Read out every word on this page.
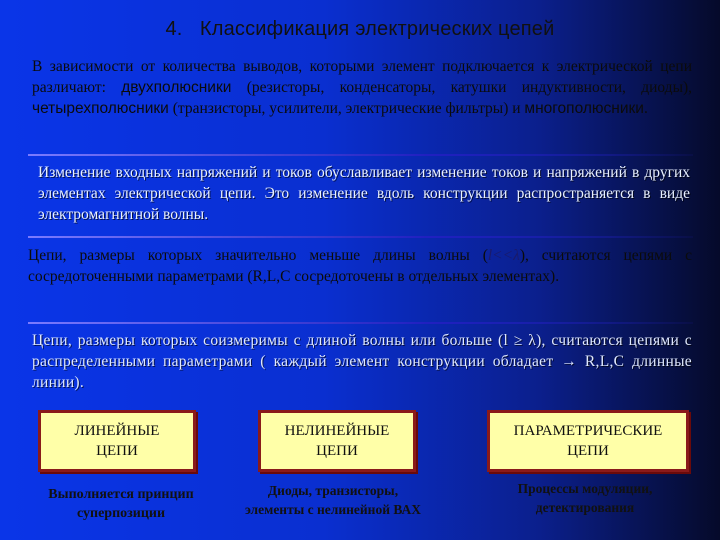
4. Классификация электрических цепей
В зависимости от количества выводов, которыми элемент подключается к электрической цепи различают: двухполюсники (резисторы, конденсаторы, катушки индуктивности, диоды), четырехполюсники (транзисторы, усилители, электрические фильтры) и многополюсники.
Изменение входных напряжений и токов обуславливает изменение токов и напряжений в других элементах электрической цепи. Это изменение вдоль конструкции распространяется в виде электромагнитной волны.
Цепи, размеры которых значительно меньше длины волны (l<<λ), считаются цепями с сосредоточенными параметрами (R,L,C сосредоточены в отдельных элементах).
Цепи, размеры которых соизмеримы с длиной волны или больше (l ≥ λ), считаются цепями с распределенными параметрами ( каждый элемент конструкции обладает → R,L,C длинные линии).
ЛИНЕЙНЫЕ
ЦЕПИ
НЕЛИНЕЙНЫЕ
ЦЕПИ
ПАРАМЕТРИЧЕСКИЕ
ЦЕПИ
Выполняется принцип
суперпозиции
Диоды, транзисторы,
элементы с нелинейной ВАХ
Процессы модуляции,
детектирования
